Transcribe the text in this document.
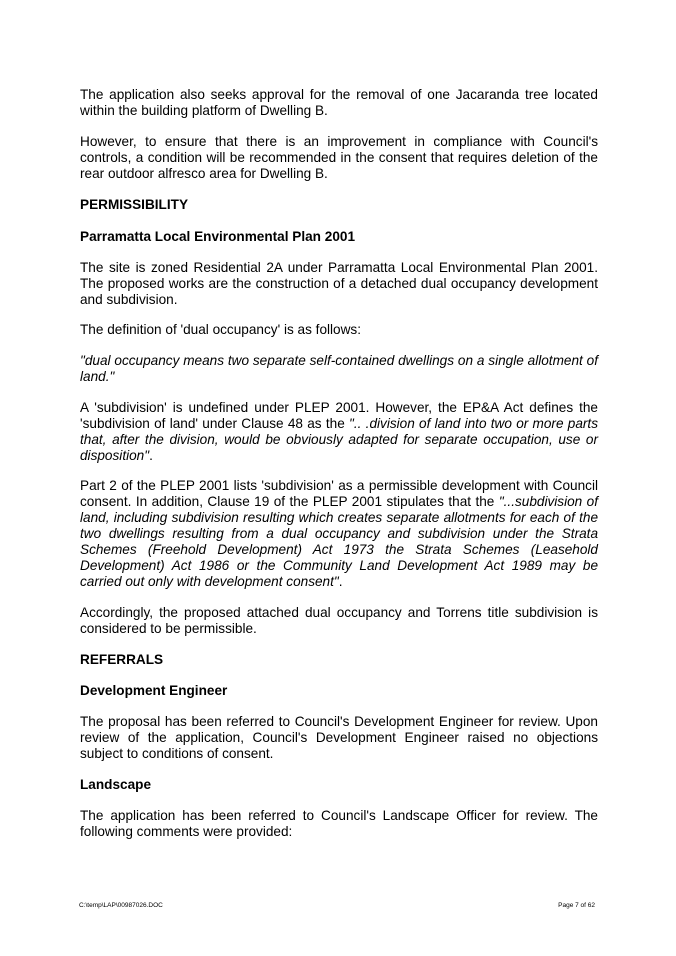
The application also seeks approval for the removal of one Jacaranda tree located within the building platform of Dwelling B.

However, to ensure that there is an improvement in compliance with Council's controls, a condition will be recommended in the consent that requires deletion of the rear outdoor alfresco area for Dwelling B.

PERMISSIBILITY
Parramatta Local Environmental Plan 2001

The site is zoned Residential 2A under Parramatta Local Environmental Plan 2001. The proposed works are the construction of a detached dual occupancy development and subdivision.

The definition of 'dual occupancy' is as follows:

"dual occupancy means two separate self-contained dwellings on a single allotment of land."

A 'subdivision' is undefined under PLEP 2001. However, the EP&A Act defines the 'subdivision of land' under Clause 48 as the ".. .division of land into two or more parts that, after the division, would be obviously adapted for separate occupation, use or disposition".

Part 2 of the PLEP 2001 lists 'subdivision' as a permissible development with Council consent. In addition, Clause 19 of the PLEP 2001 stipulates that the "...subdivision of land, including subdivision resulting which creates separate allotments for each of the two dwellings resulting from a dual occupancy and subdivision under the Strata Schemes (Freehold Development) Act 1973 the Strata Schemes (Leasehold Development) Act 1986 or the Community Land Development Act 1989 may be carried out only with development consent".

Accordingly, the proposed attached dual occupancy and Torrens title subdivision is considered to be permissible.

REFERRALS
Development Engineer

The proposal has been referred to Council's Development Engineer for review. Upon review of the application, Council's Development Engineer raised no objections subject to conditions of consent.

Landscape

The application has been referred to Council's Landscape Officer for review. The following comments were provided:

C:\temp\LAP\00987026.DOC	Page 7 of 62
